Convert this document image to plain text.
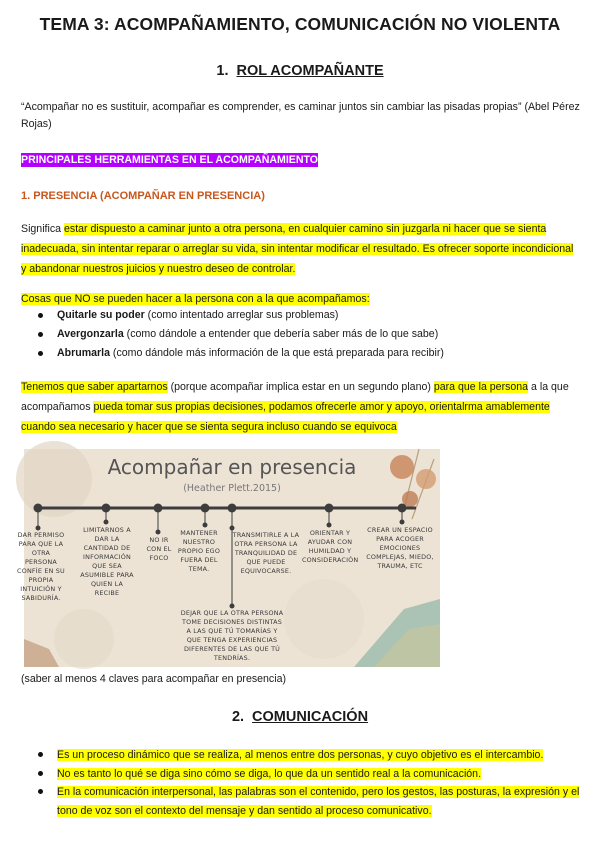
TEMA 3: ACOMPAÑAMIENTO, COMUNICACIÓN NO VIOLENTA
1. ROL ACOMPAÑANTE
“Acompañar no es sustituir, acompañar es comprender, es caminar juntos sin cambiar las pisadas propias” (Abel Pérez Rojas)
PRINCIPALES HERRAMIENTAS EN EL ACOMPAÑAMIENTO
1. PRESENCIA (ACOMPAÑAR EN PRESENCIA)
Significa estar dispuesto a caminar junto a otra persona, en cualquier camino sin juzgarla ni hacer que se sienta inadecuada, sin intentar reparar o arreglar su vida, sin intentar modificar el resultado. Es ofrecer soporte incondicional y abandonar nuestros juicios y nuestro deseo de controlar.
Cosas que NO se pueden hacer a la persona con a la que acompañamos:
Quitarle su poder (como intentado arreglar sus problemas)
Avergonzarla (como dándole a entender que debería saber más de lo que sabe)
Abrumarla (como dándole más información de la que está preparada para recibir)
Tenemos que saber apartarnos (porque acompañar implica estar en un segundo plano) para que la persona a la que acompañamos pueda tomar sus propias decisiones, podamos ofrecerle amor y apoyo, orientalrma amablemente cuando sea necesario y hacer que se sienta segura incluso cuando se equivoca
Acompañar en presencia
(Heather Plett.2015)
DAR PERMISO PARA QUE LA OTRA PERSONA CONFÍE EN SU PROPIA INTUICIÓN Y SABIDURÍA.
LIMITARNOS A DAR LA CANTIDAD DE INFORMACIÓN QUE SEA ASUMIBLE PARA QUIEN LA RECIBE
NO IR CON EL FOCO
MANTENER NUESTRO PROPIO EGO FUERA DEL TEMA.
TRANSMITIRLE A LA OTRA PERSONA LA TRANQUILIDAD DE QUE PUEDE EQUIVOCARSE.
ORIENTAR Y AYUDAR CON HUMILDAD Y CONSIDERACIÓN
CREAR UN ESPACIO PARA ACOGER EMOCIONES COMPLEJAS, MIEDO, TRAUMA, ETC
DEJAR QUE LA OTRA PERSONA TOME DECISIONES DISTINTAS A LAS QUE TÚ TOMARÍAS Y QUE TENGA EXPERIENCIAS DIFERENTES DE LAS QUE TÚ TENDRÍAS.
(saber al menos 4 claves para acompañar en presencia)
2. COMUNICACIÓN
Es un proceso dinámico que se realiza, al menos entre dos personas, y cuyo objetivo es el intercambio.
No es tanto lo qué se diga sino cómo se diga, lo que da un sentido real a la comunicación.
En la comunicación interpersonal, las palabras son el contenido, pero los gestos, las posturas, la expresión y el tono de voz son el contexto del mensaje y dan sentido al proceso comunicativo.
